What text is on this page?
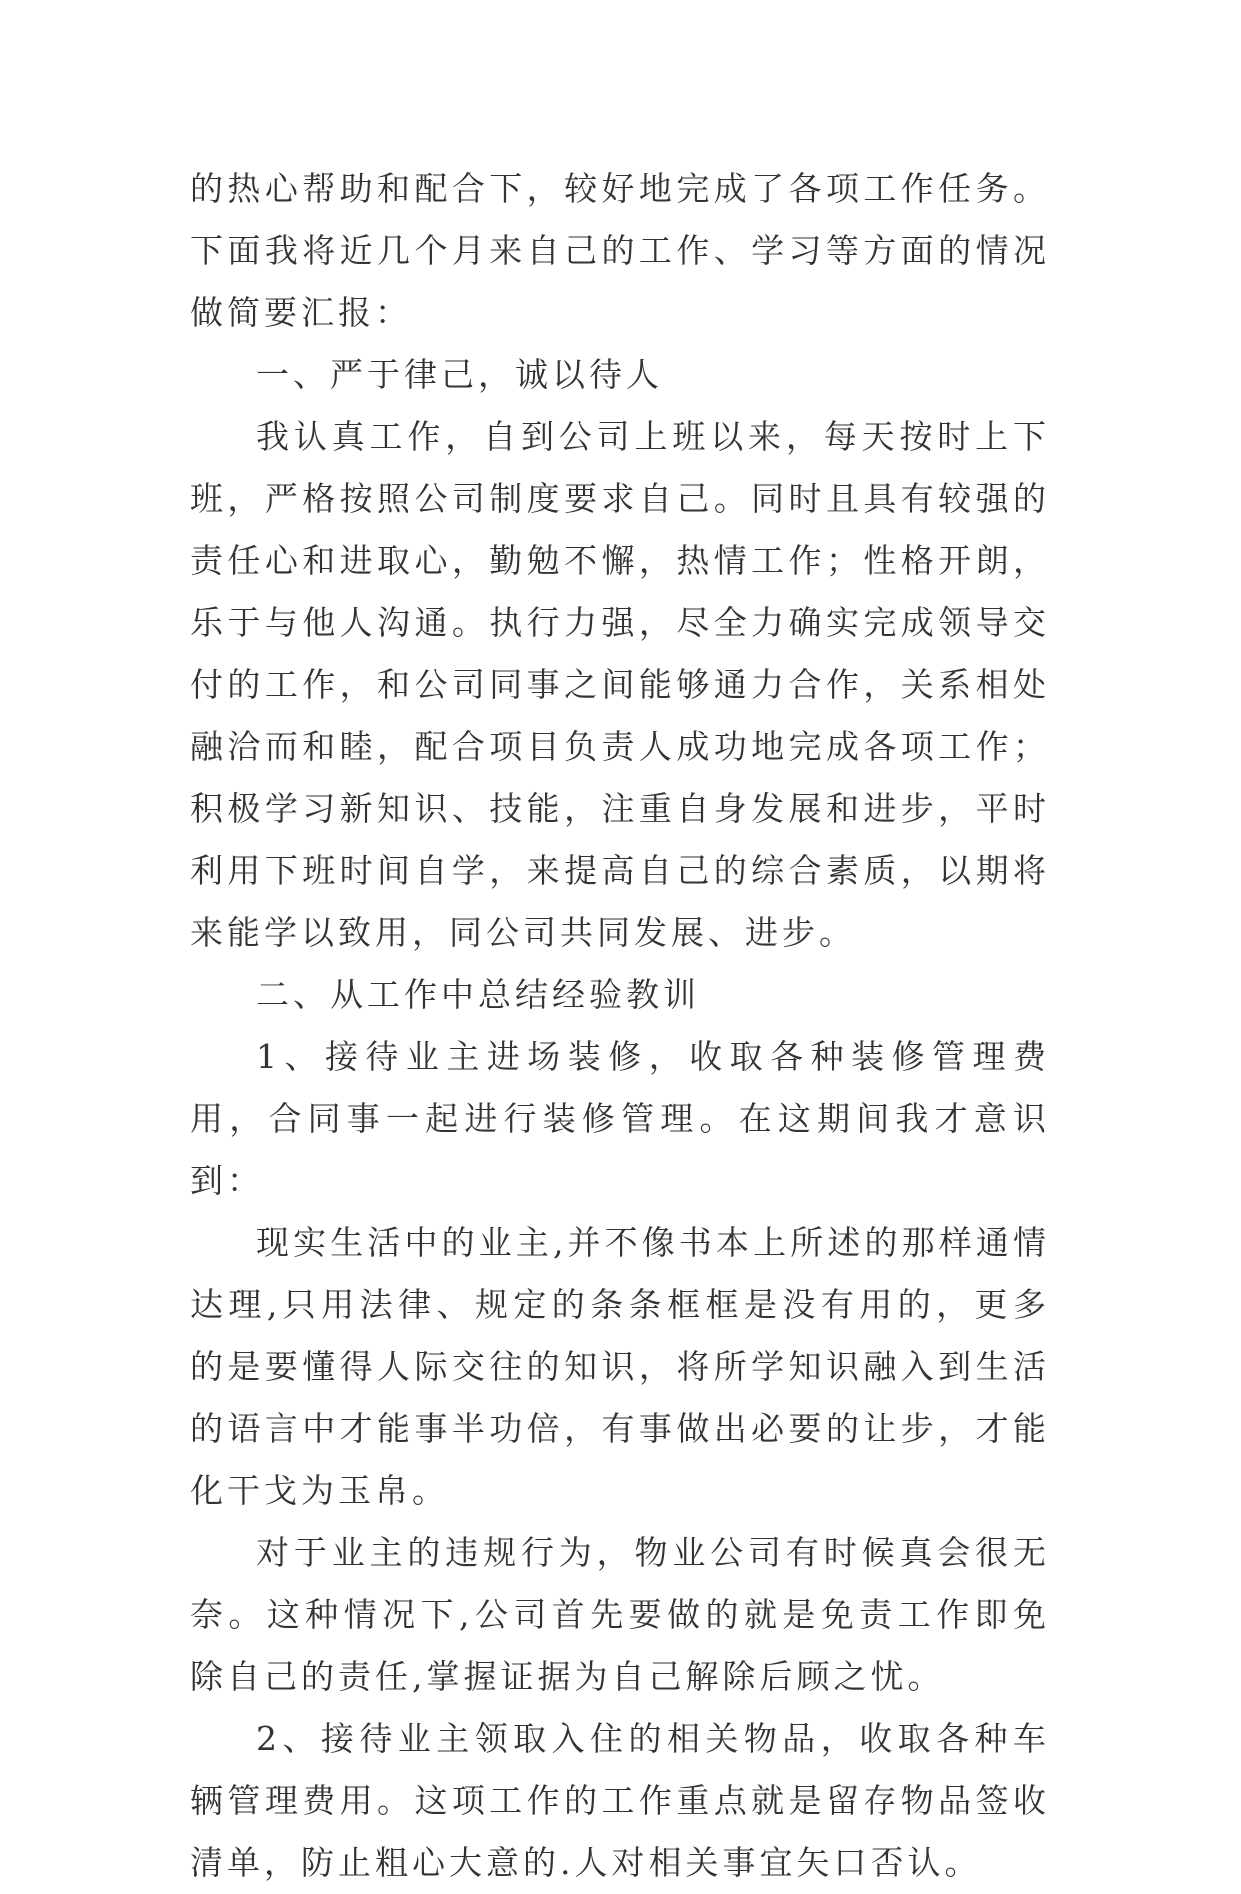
的热心帮助和配合下，较好地完成了各项工作任务。下面我将近几个月来自己的工作、学习等方面的情况做简要汇报：

一、严于律己，诚以待人

我认真工作，自到公司上班以来，每天按时上下班，严格按照公司制度要求自己。同时且具有较强的责任心和进取心，勤勉不懈，热情工作；性格开朗，乐于与他人沟通。执行力强，尽全力确实完成领导交付的工作，和公司同事之间能够通力合作，关系相处融洽而和睦，配合项目负责人成功地完成各项工作；积极学习新知识、技能，注重自身发展和进步，平时利用下班时间自学，来提高自己的综合素质，以期将来能学以致用，同公司共同发展、进步。

二、从工作中总结经验教训

1、接待业主进场装修，收取各种装修管理费用，合同事一起进行装修管理。在这期间我才意识到：

现实生活中的业主,并不像书本上所述的那样通情达理,只用法律、规定的条条框框是没有用的，更多的是要懂得人际交往的知识，将所学知识融入到生活的语言中才能事半功倍，有事做出必要的让步，才能化干戈为玉帛。

对于业主的违规行为，物业公司有时候真会很无奈。这种情况下,公司首先要做的就是免责工作即免除自己的责任,掌握证据为自己解除后顾之忧。

2、接待业主领取入住的相关物品，收取各种车辆管理费用。这项工作的工作重点就是留存物品签收清单，防止粗心大意的.人对相关事宜矢口否认。
